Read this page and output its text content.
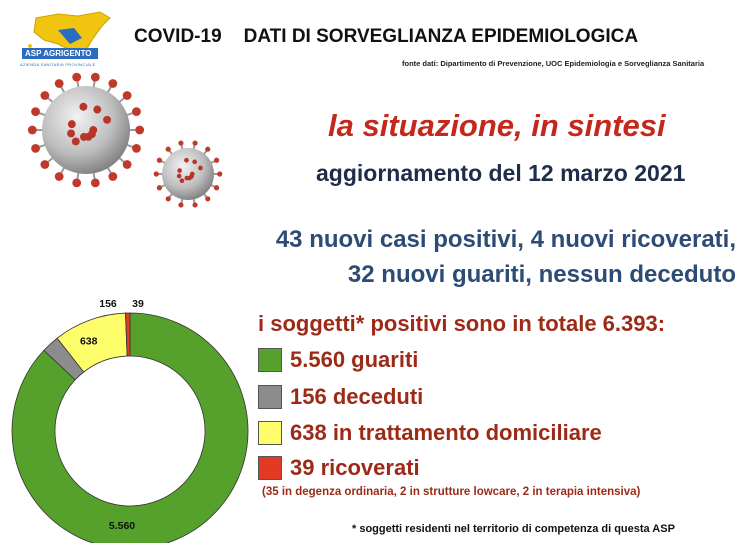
ASP AGRIGENTO
AZIENDA SANITARIA PROVINCIALE
COVID-19 DATI DI SORVEGLIANZA EPIDEMIOLOGICA
fonte dati: Dipartimento di Prevenzione, UOC Epidemiologia e Sorveglianza Sanitaria
la situazione, in sintesi
aggiornamento del 12 marzo 2021
43 nuovi casi positivi, 4 nuovi ricoverati,
32 nuovi guariti, nessun deceduto
i soggetti* positivi sono in totale 6.393:
5.560 guariti
156 deceduti
638 in trattamento domiciliare
39 ricoverati
(35 in degenza ordinaria, 2 in strutture lowcare, 2 in terapia intensiva)
* soggetti residenti nel territorio di competenza di questa ASP
5.560
156
638
39
